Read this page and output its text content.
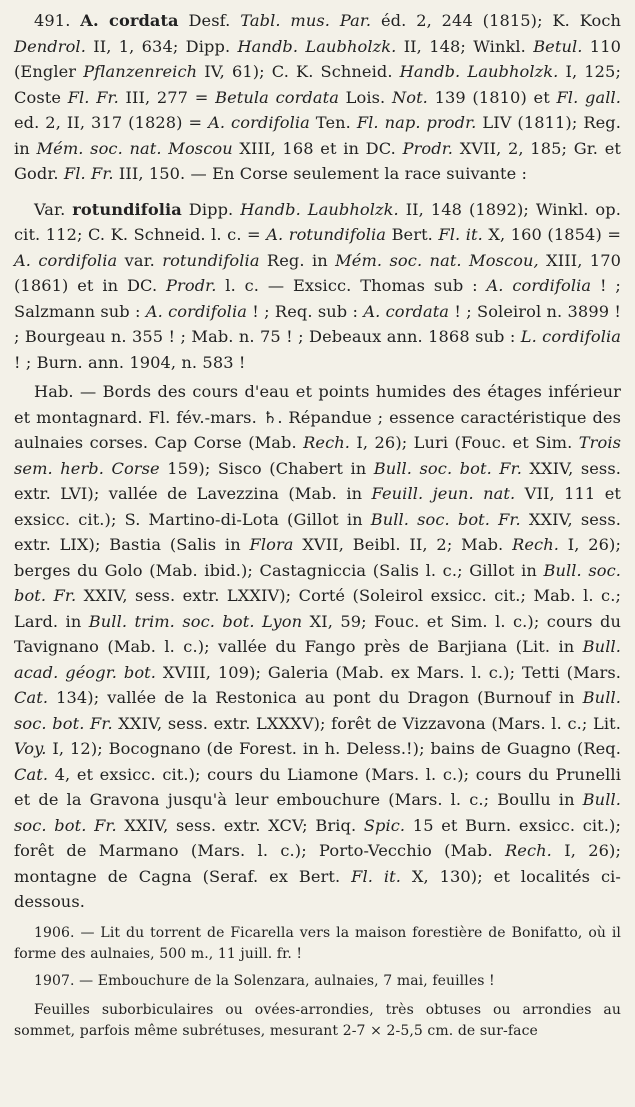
491. A. cordata Desf. Tabl. mus. Par. éd. 2, 244 (1815); K. Koch Dendrol. II, 1, 634; Dipp. Handb. Laubholzk. II, 148; Winkl. Betul. 110 (Engler Pflanzenreich IV, 61); C. K. Schneid. Handb. Laubholzk. I, 125; Coste Fl. Fr. III, 277 = Betula cordata Lois. Not. 139 (1810) et Fl. gall. ed. 2, II, 317 (1828) = A. cordifolia Ten. Fl. nap. prodr. LIV (1811); Reg. in Mém. soc. nat. Moscou XIII, 168 et in DC. Prodr. XVII, 2, 185; Gr. et Godr. Fl. Fr. III, 150. — En Corse seulement la race suivante :

Var. rotundifolia Dipp. Handb. Laubholzk. II, 148 (1892); Winkl. op. cit. 112; C. K. Schneid. l. c. = A. rotundifolia Bert. Fl. it. X, 160 (1854) = A. cordifolia var. rotundifolia Reg. in Mém. soc. nat. Moscou, XIII, 170 (1861) et in DC. Prodr. l. c. — Exsicc. Thomas sub : A. cordifolia ! ; Salzmann sub : A. cordifolia ! ; Req. sub : A. cordata ! ; Soleirol n. 3899 ! ; Bourgeau n. 355 ! ; Mab. n. 75 ! ; Debeaux ann. 1868 sub : L. cordifolia ! ; Burn. ann. 1904, n. 583 !

Hab. — Bords des cours d'eau et points humides des étages inférieur et montagnard. Fl. fév.-mars. ♄. Répandue ; essence caractéristique des aulnaies corses. Cap Corse (Mab. Rech. I, 26); Luri (Fouc. et Sim. Trois sem. herb. Corse 159); Sisco (Chabert in Bull. soc. bot. Fr. XXIV, sess. extr. LVI); vallée de Lavezzina (Mab. in Feuill. jeun. nat. VII, 111 et exsicc. cit.); S. Martino-di-Lota (Gillot in Bull. soc. bot. Fr. XXIV, sess. extr. LIX); Bastia (Salis in Flora XVII, Beibl. II, 2; Mab. Rech. I, 26); berges du Golo (Mab. ibid.); Castagniccia (Salis l. c.; Gillot in Bull. soc. bot. Fr. XXIV, sess. extr. LXXIV); Corté (Soleirol exsicc. cit.; Mab. l. c.; Lard. in Bull. trim. soc. bot. Lyon XI, 59; Fouc. et Sim. l. c.); cours du Tavignano (Mab. l. c.); vallée du Fango près de Barjiana (Lit. in Bull. acad. géogr. bot. XVIII, 109); Galeria (Mab. ex Mars. l. c.); Tetti (Mars. Cat. 134); vallée de la Restonica au pont du Dragon (Burnouf in Bull. soc. bot. Fr. XXIV, sess. extr. LXXXV); forêt de Vizzavona (Mars. l. c.; Lit. Voy. I, 12); Bocognano (de Forest. in h. Deless.!); bains de Guagno (Req. Cat. 4, et exsicc. cit.); cours du Liamone (Mars. l. c.); cours du Prunelli et de la Gravona jusqu'à leur embouchure (Mars. l. c.; Boullu in Bull. soc. bot. Fr. XXIV, sess. extr. XCV; Briq. Spic. 15 et Burn. exsicc. cit.); forêt de Marmano (Mars. l. c.); Porto-Vecchio (Mab. Rech. I, 26); montagne de Cagna (Seraf. ex Bert. Fl. it. X, 130); et localités ci-dessous.

1906. — Lit du torrent de Ficarella vers la maison forestière de Bonifatto, où il forme des aulnaies, 500 m., 11 juill. fr. !

1907. — Embouchure de la Solenzara, aulnaies, 7 mai, feuilles !

Feuilles suborbiculaires ou ovées-arrondies, très obtuses ou arrondies au sommet, parfois même subrétuses, mesurant 2-7 × 2-5,5 cm. de sur-face
